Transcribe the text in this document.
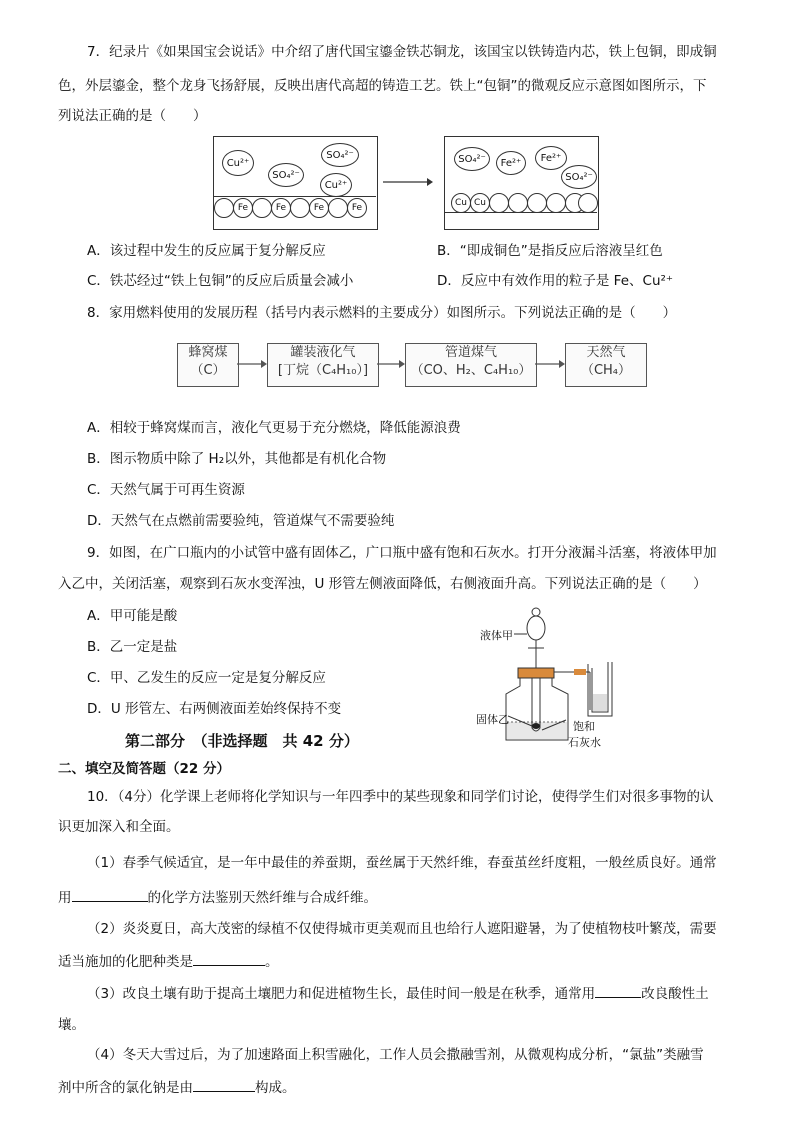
7．纪录片《如果国宝会说话》中介绍了唐代国宝鎏金铁芯铜龙，该国宝以铁铸造内芯，铁上包铜，即成铜
色，外层鎏金，整个龙身飞扬舒展，反映出唐代高超的铸造工艺。铁上“包铜”的微观反应示意图如图所示，下
列说法正确的是（　　）
Cu²⁺
SO₄²⁻
SO₄²⁻
Cu²⁺
Fe	Fe	Fe	Fe
SO₄²⁻	Fe²⁺	Fe²⁺
SO₄²⁻
Cu Cu
A．该过程中发生的反应属于复分解反应	B．“即成铜色”是指反应后溶液呈红色
C．铁芯经过“铁上包铜”的反应后质量会减小	D．反应中有效作用的粒子是 Fe、Cu²⁺
8．家用燃料使用的发展历程（括号内表示燃料的主要成分）如图所示。下列说法正确的是（　　）
蜂窝煤
（C）
罐装液化气
[丁烷（C₄H₁₀）]
管道煤气
（CO、H₂、C₄H₁₀）
天然气
（CH₄）
A．相较于蜂窝煤而言，液化气更易于充分燃烧，降低能源浪费
B．图示物质中除了 H₂以外，其他都是有机化合物
C．天然气属于可再生资源
D．天然气在点燃前需要验纯，管道煤气不需要验纯
9．如图，在广口瓶内的小试管中盛有固体乙，广口瓶中盛有饱和石灰水。打开分液漏斗活塞，将液体甲加
入乙中，关闭活塞，观察到石灰水变浑浊，U 形管左侧液面降低，右侧液面升高。下列说法正确的是（　　）
A．甲可能是酸
B．乙一定是盐
C．甲、乙发生的反应一定是复分解反应
D．U 形管左、右两侧液面差始终保持不变
液体甲
固体乙
饱和
石灰水
第二部分　（非选择题　共 42 分）
二、填空及简答题（22 分）
10．（4分）化学课上老师将化学知识与一年四季中的某些现象和同学们讨论，使得学生们对很多事物的认
识更加深入和全面。
（1）春季气候适宜，是一年中最佳的养蚕期，蚕丝属于天然纤维，春蚕茧丝纤度粗，一般丝质良好。通常
用	的化学方法鉴别天然纤维与合成纤维。
（2）炎炎夏日，高大茂密的绿植不仅使得城市更美观而且也给行人遮阳避暑，为了使植物枝叶繁茂，需要
适当施加的化肥种类是	。
（3）改良土壤有助于提高土壤肥力和促进植物生长，最佳时间一般是在秋季，通常用	改良酸性土
壤。
（4）冬天大雪过后，为了加速路面上积雪融化，工作人员会撒融雪剂，从微观构成分析，“氯盐”类融雪
剂中所含的氯化钠是由	构成。
